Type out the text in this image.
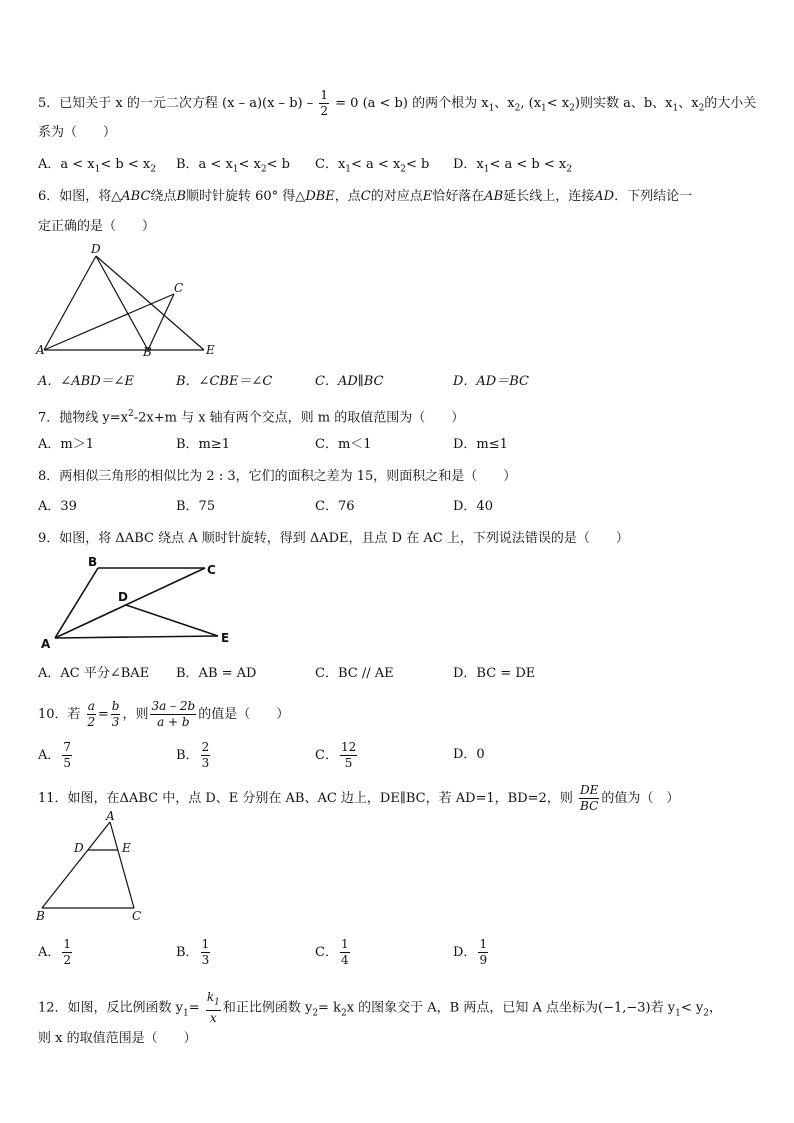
5．已知关于 x 的一元二次方程 $(x - a)(x - b) - \frac{1}{2} = 0$ (a < b) 的两个根为 $x_1$、$x_2$, $(x_1< x_2)$则实数 a、b、$x_1$、$x_2$的大小关
系为（　　）
A．$a < x_1< b < x_2$ B．$a < x_1< x_2< b$ C．$x_1< a < x_2< b$ D．$x_1< a < b < x_2$
6．如图，将△ABC绕点B顺时针旋转 60° 得△DBE，点C的对应点E恰好落在AB延长线上，连接AD．下列结论一
定正确的是（　　）
D
C
A	B	E
A．∠ABD＝∠E	B．∠CBE＝∠C	C．AD∥BC	D．AD＝BC
7．抛物线 $y=x^2-2x+m$ 与 x 轴有两个交点，则 m 的取值范围为（　　）
A．m＞1	B．m≥1	C．m＜1	D．m≤1
8．两相似三角形的相似比为 2 : 3，它们的面积之差为 15，则面积之和是（　　）
A．39	B．75	C．76	D．40
9．如图，将 ΔABC 绕点 A 顺时针旋转，得到 ΔADE，且点 D 在 AC 上，下列说法错误的是（　　）
B
C
D
A	E
A．AC 平分∠BAE B．AB = AD	C．BC // AE	D．BC = DE
10．若 $\frac{a}{2} = \frac{b}{3}$ ，则 $\frac{3a - 2b}{a + b}$ 的值是（　　）
A． $\frac{7}{5}$	B． $\frac{2}{3}$	C． $\frac{12}{5}$	D．0
11．如图，在ΔABC 中，点 D、E 分别在 AB、AC 边上，DE∥BC，若 AD=1，BD=2，则 $\frac{DE}{BC}$ 的值为（　）
A
D	E
B	C
A． $\frac{1}{2}$	B． $\frac{1}{3}$	C． $\frac{1}{4}$	D． $\frac{1}{9}$
12．如图，反比例函数 $y_1= \frac{k_1}{x}$ 和正比例函数 $y_2= k_2x$ 的图象交于 A，B 两点，已知 A 点坐标为(−1,−3)若 $y_1< y_2$，
则 x 的取值范围是（　　）
